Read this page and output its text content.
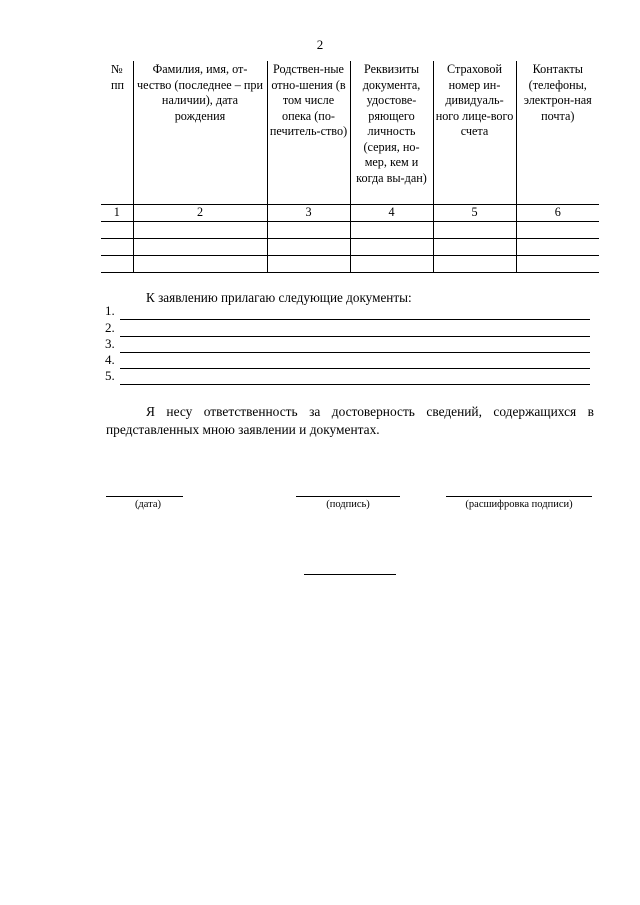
2
№ пп	Фамилия, имя, от-чество (последнее – при наличии), дата рождения	Родствен-ные отно-шения (в том числе опека (по-печитель-ство)	Реквизиты документа, удостове-ряющего личность (серия, но-мер, кем и когда вы-дан)	Страховой номер ин-дивидуаль-ного лице-вого счета	Контакты (телефоны, электрон-ная почта)
1	2	3	4	5	6

К заявлению прилагаю следующие документы:
1.
2.
3.
4.
5.
Я несу ответственность за достоверность сведений, содержащихся в представленных мною заявлении и документах.
(дата)	(подпись)	(расшифровка подписи)
